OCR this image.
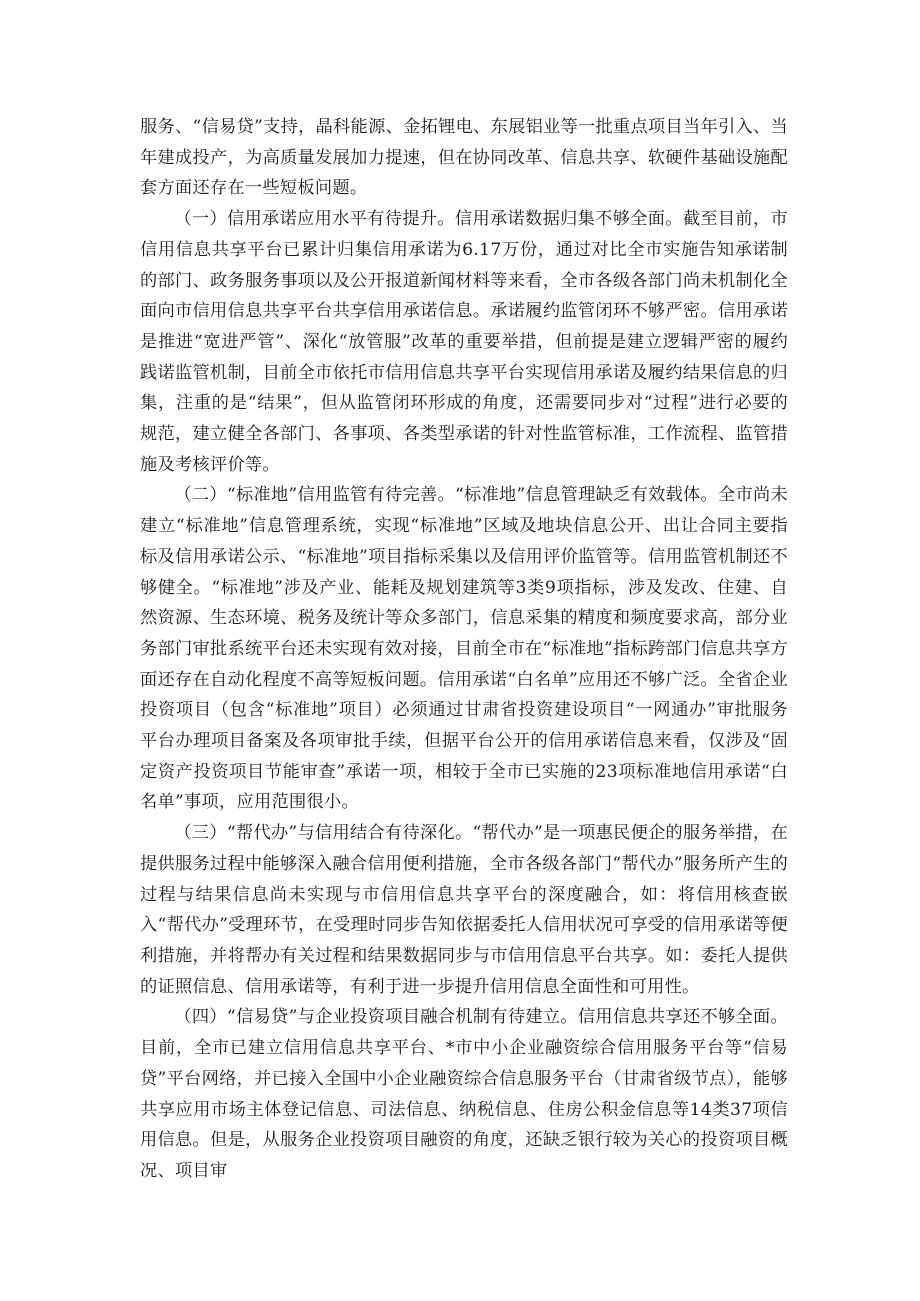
服务、“信易贷”支持，晶科能源、金拓锂电、东展铝业等一批重点项目当年引入、当年建成投产，为高质量发展加力提速，但在协同改革、信息共享、软硬件基础设施配套方面还存在一些短板问题。

（一）信用承诺应用水平有待提升。信用承诺数据归集不够全面。截至目前，市信用信息共享平台已累计归集信用承诺为6.17万份，通过对比全市实施告知承诺制的部门、政务服务事项以及公开报道新闻材料等来看，全市各级各部门尚未机制化全面向市信用信息共享平台共享信用承诺信息。承诺履约监管闭环不够严密。信用承诺是推进“宽进严管”、深化“放管服”改革的重要举措，但前提是建立逻辑严密的履约践诺监管机制，目前全市依托市信用信息共享平台实现信用承诺及履约结果信息的归集，注重的是“结果”，但从监管闭环形成的角度，还需要同步对“过程”进行必要的规范，建立健全各部门、各事项、各类型承诺的针对性监管标准，工作流程、监管措施及考核评价等。

（二）“标准地”信用监管有待完善。“标准地”信息管理缺乏有效载体。全市尚未建立“标准地”信息管理系统，实现“标准地”区域及地块信息公开、出让合同主要指标及信用承诺公示、“标准地”项目指标采集以及信用评价监管等。信用监管机制还不够健全。“标准地”涉及产业、能耗及规划建筑等3类9项指标，涉及发改、住建、自然资源、生态环境、税务及统计等众多部门，信息采集的精度和频度要求高，部分业务部门审批系统平台还未实现有效对接，目前全市在“标准地”指标跨部门信息共享方面还存在自动化程度不高等短板问题。信用承诺“白名单”应用还不够广泛。全省企业投资项目（包含“标准地”项目）必须通过甘肃省投资建设项目“一网通办”审批服务平台办理项目备案及各项审批手续，但据平台公开的信用承诺信息来看，仅涉及“固定资产投资项目节能审查”承诺一项，相较于全市已实施的23项标准地信用承诺“白名单”事项，应用范围很小。

（三）“帮代办”与信用结合有待深化。“帮代办”是一项惠民便企的服务举措，在提供服务过程中能够深入融合信用便利措施，全市各级各部门“帮代办”服务所产生的过程与结果信息尚未实现与市信用信息共享平台的深度融合，如：将信用核查嵌入“帮代办”受理环节，在受理时同步告知依据委托人信用状况可享受的信用承诺等便利措施，并将帮办有关过程和结果数据同步与市信用信息平台共享。如：委托人提供的证照信息、信用承诺等，有利于进一步提升信用信息全面性和可用性。

（四）“信易贷”与企业投资项目融合机制有待建立。信用信息共享还不够全面。目前，全市已建立信用信息共享平台、*市中小企业融资综合信用服务平台等“信易贷”平台网络，并已接入全国中小企业融资综合信息服务平台（甘肃省级节点），能够共享应用市场主体登记信息、司法信息、纳税信息、住房公积金信息等14类37项信用信息。但是，从服务企业投资项目融资的角度，还缺乏银行较为关心的投资项目概况、项目审
